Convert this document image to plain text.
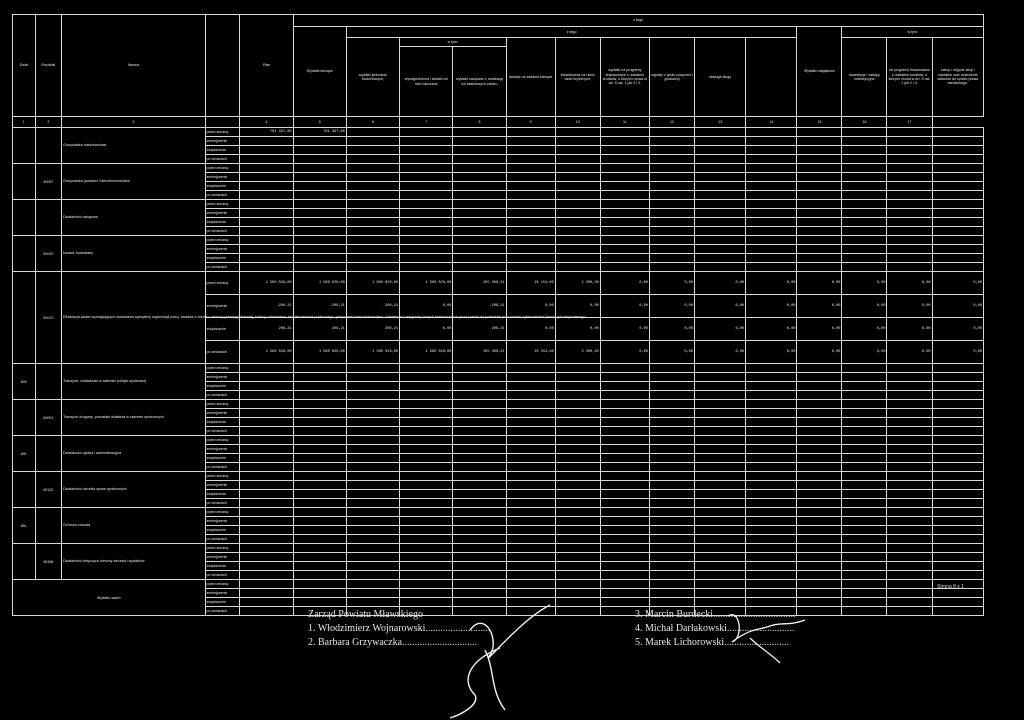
Dział	Rozdział	Nazwa		Plan	z tego													
					Wydatki bieżące	z tego									Wydatki majątkowe	w tym:		
						wydatki jednostek budżetowych,	w tym:		dotacje na zadania bieżące	świadczenia na rzecz osób fizycznych;	wydatki na programy finansowane z udziałem środków, o których mowa w art. 5 ust. 1 pkt 2 i 3,	wypłaty z tytułu poręczeń i gwarancji	obsługa długu			inwestycje i zakupy inwestycyjne	na programy finansowane z udziałem środków, o których mowa w art. 5 ust. 1 pkt 2 i 3,	zakup i objęcie akcji i udziałów oraz wniesienie wkładów do spółek prawa handlowego.
							wynagrodzenia i składki od nich naliczane	wydatki związane z realizacją ich statutowych zadań;										
1	2	3		4	5	6	7	8	9	10	11	12	13	14	15	16	17	
		Gospodarka mieszkaniowa	przed zmianą	781 337,00	761 337,00													
			zmniejszenie															
			zwiększenie															
			po zmianach															
	40057	Gospodarka gruntami i nieruchomościami	przed zmianą															
			zmniejszenie															
			zwiększenie															
			po zmianach															
		Działalność usługowa	przed zmianą															
			zmniejszenie															
			zwiększenie															
			po zmianach															
	60020	Nadzór budowlany	przed zmianą															
			zmniejszenie															
			zwiększenie															
			po zmianach															
	60012	Realizacja zadań wymagających stosowania specjalnej organizacji pracy, zadania z zakresu ochrony przeciwpożarowej, kultury, dziedzictwa, bezpieczeństwa publicznego, gospodarki nieruchomościami, działalności usługowej i innych realizowanych przez powiat na podstawie porozumień z jednostkami samorządu terytorialnego	przed zmianą	1 580 029,00	1 580 029,00	1 580 029,00	1 580 029,00	155 300,21	25 154,00	2 200,20	0,00	0,00	0,00	0,00	0,00	0,00	0,00	0,00
			zmniejszenie	-206,21	-206,21	-206,21	0,00	-206,21	0,00	0,00	0,00	0,00	0,00	0,00	0,00	0,00	0,00	0,00
			zwiększenie	206,21	206,21	206,21	0,00	206,21	0,00	0,00	0,00	0,00	0,00	0,00	0,00	0,00	0,00	0,00
			po zmianach	1 580 029,00	1 580 029,00	1 580 029,00	1 580 029,00	155 300,21	25 154,00	2 200,20	0,00	0,00	0,00	0,00	0,00	0,00	0,00	0,00
600		Transport, działalność w zakresie polityki społecznej	przed zmianą															
			zmniejszenie															
			zwiększenie															
			po zmianach															
	60001	Transport drogowy, pozostałe działania w zakresie społecznych	przed zmianą															
			zmniejszenie															
			zwiększenie															
			po zmianach															
801		Działalność ogólna i administracyjna	przed zmianą															
			zmniejszenie															
			zwiększenie															
			po zmianach															
	80120	Działalność ośrodka spraw społecznych	przed zmianą															
			zmniejszenie															
			zwiększenie															
			po zmianach															
851		Ochrona zdrowia	przed zmianą															
			zmniejszenie															
			zwiększenie															
			po zmianach															
	85156	Działalność dotycząca ochrony zdrowia i wydatków	przed zmianą															
			zmniejszenie															
			zwiększenie															
			po zmianach															
Wydatki razem			przed zmianą															
			zmniejszenie															
			zwiększenie															
			po zmianach															
Strona 8 z 1
Zarząd Powiatu Mławskiego
1. Włodzimierz Wojnarowski..........................
2. Barbara Grzywaczka..............................
3. Marcin Burdecki.................................
4. Michał Darłakowski...........................
5. Marek Lichorowski..........................
